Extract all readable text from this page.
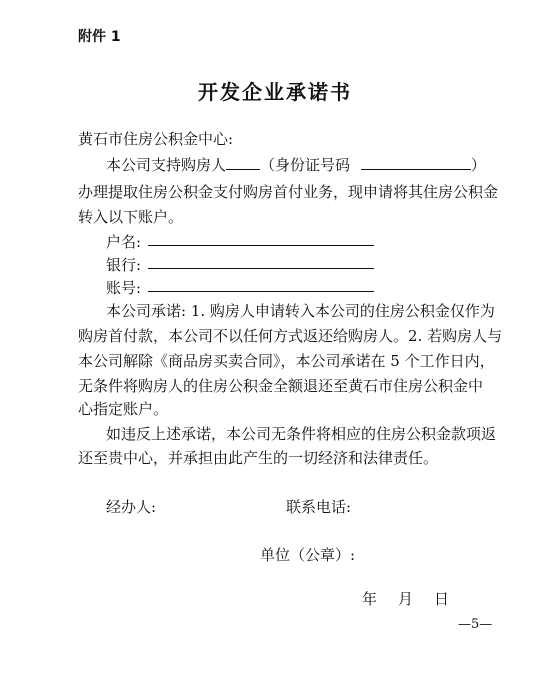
附件 1
开发企业承诺书
黄石市住房公积金中心:
本公司支持购房人 （身份证号码	）
办理提取住房公积金支付购房首付业务，现申请将其住房公积金
转入以下账户。
户名:
银行:
账号:
本公司承诺: 1. 购房人申请转入本公司的住房公积金仅作为
购房首付款，本公司不以任何方式返还给购房人。2. 若购房人与
本公司解除《商品房买卖合同》，本公司承诺在 5 个工作日内，
无条件将购房人的住房公积金全额退还至黄石市住房公积金中
心指定账户。
如违反上述承诺，本公司无条件将相应的住房公积金款项返
还至贵中心，并承担由此产生的一切经济和法律责任。
经办人:	联系电话:
单位（公章）:
年 月 日
—5—
